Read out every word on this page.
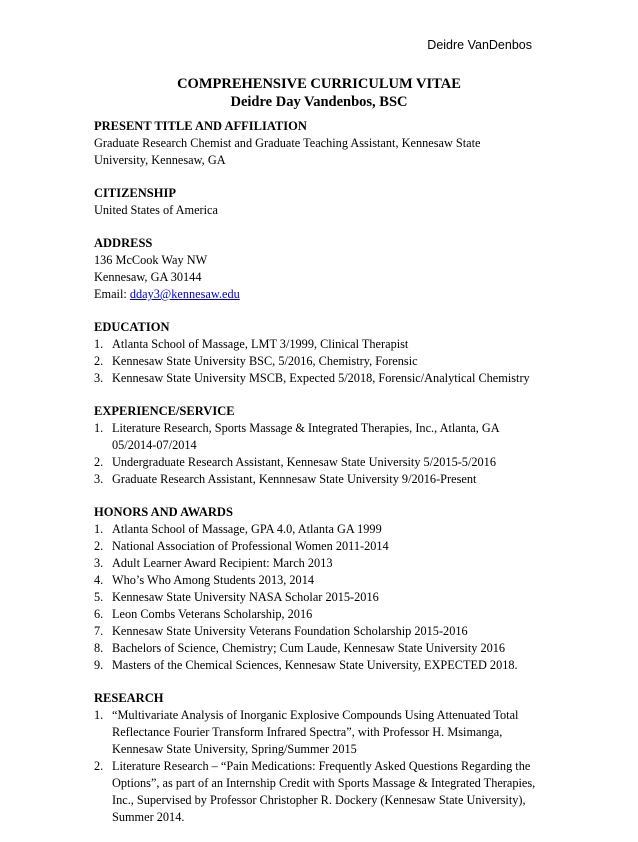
Deidre VanDenbos
COMPREHENSIVE CURRICULUM VITAE
Deidre Day Vandenbos, BSC
PRESENT TITLE AND AFFILIATION
Graduate Research Chemist and Graduate Teaching Assistant, Kennesaw State
University, Kennesaw, GA
CITIZENSHIP
United States of America
ADDRESS
136 McCook Way NW
Kennesaw, GA 30144
Email: dday3@kennesaw.edu
EDUCATION
1. Atlanta School of Massage, LMT 3/1999, Clinical Therapist
2. Kennesaw State University BSC, 5/2016, Chemistry, Forensic
3. Kennesaw State University MSCB, Expected 5/2018, Forensic/Analytical Chemistry
EXPERIENCE/SERVICE
1. Literature Research, Sports Massage & Integrated Therapies, Inc., Atlanta, GA 05/2014-07/2014
2. Undergraduate Research Assistant, Kennesaw State University 5/2015-5/2016
3. Graduate Research Assistant, Kennnesaw State University 9/2016-Present
HONORS AND AWARDS
1. Atlanta School of Massage, GPA 4.0, Atlanta GA 1999
2. National Association of Professional Women 2011-2014
3. Adult Learner Award Recipient: March 2013
4. Who’s Who Among Students 2013, 2014
5. Kennesaw State University NASA Scholar 2015-2016
6. Leon Combs Veterans Scholarship, 2016
7. Kennesaw State University Veterans Foundation Scholarship 2015-2016
8. Bachelors of Science, Chemistry; Cum Laude, Kennesaw State University 2016
9. Masters of the Chemical Sciences, Kennesaw State University, EXPECTED 2018.
RESEARCH
1. “Multivariate Analysis of Inorganic Explosive Compounds Using Attenuated Total Reflectance Fourier Transform Infrared Spectra”, with Professor H. Msimanga, Kennesaw State University, Spring/Summer 2015
2. Literature Research – “Pain Medications: Frequently Asked Questions Regarding the Options”, as part of an Internship Credit with Sports Massage & Integrated Therapies, Inc., Supervised by Professor Christopher R. Dockery (Kennesaw State University), Summer 2014.
